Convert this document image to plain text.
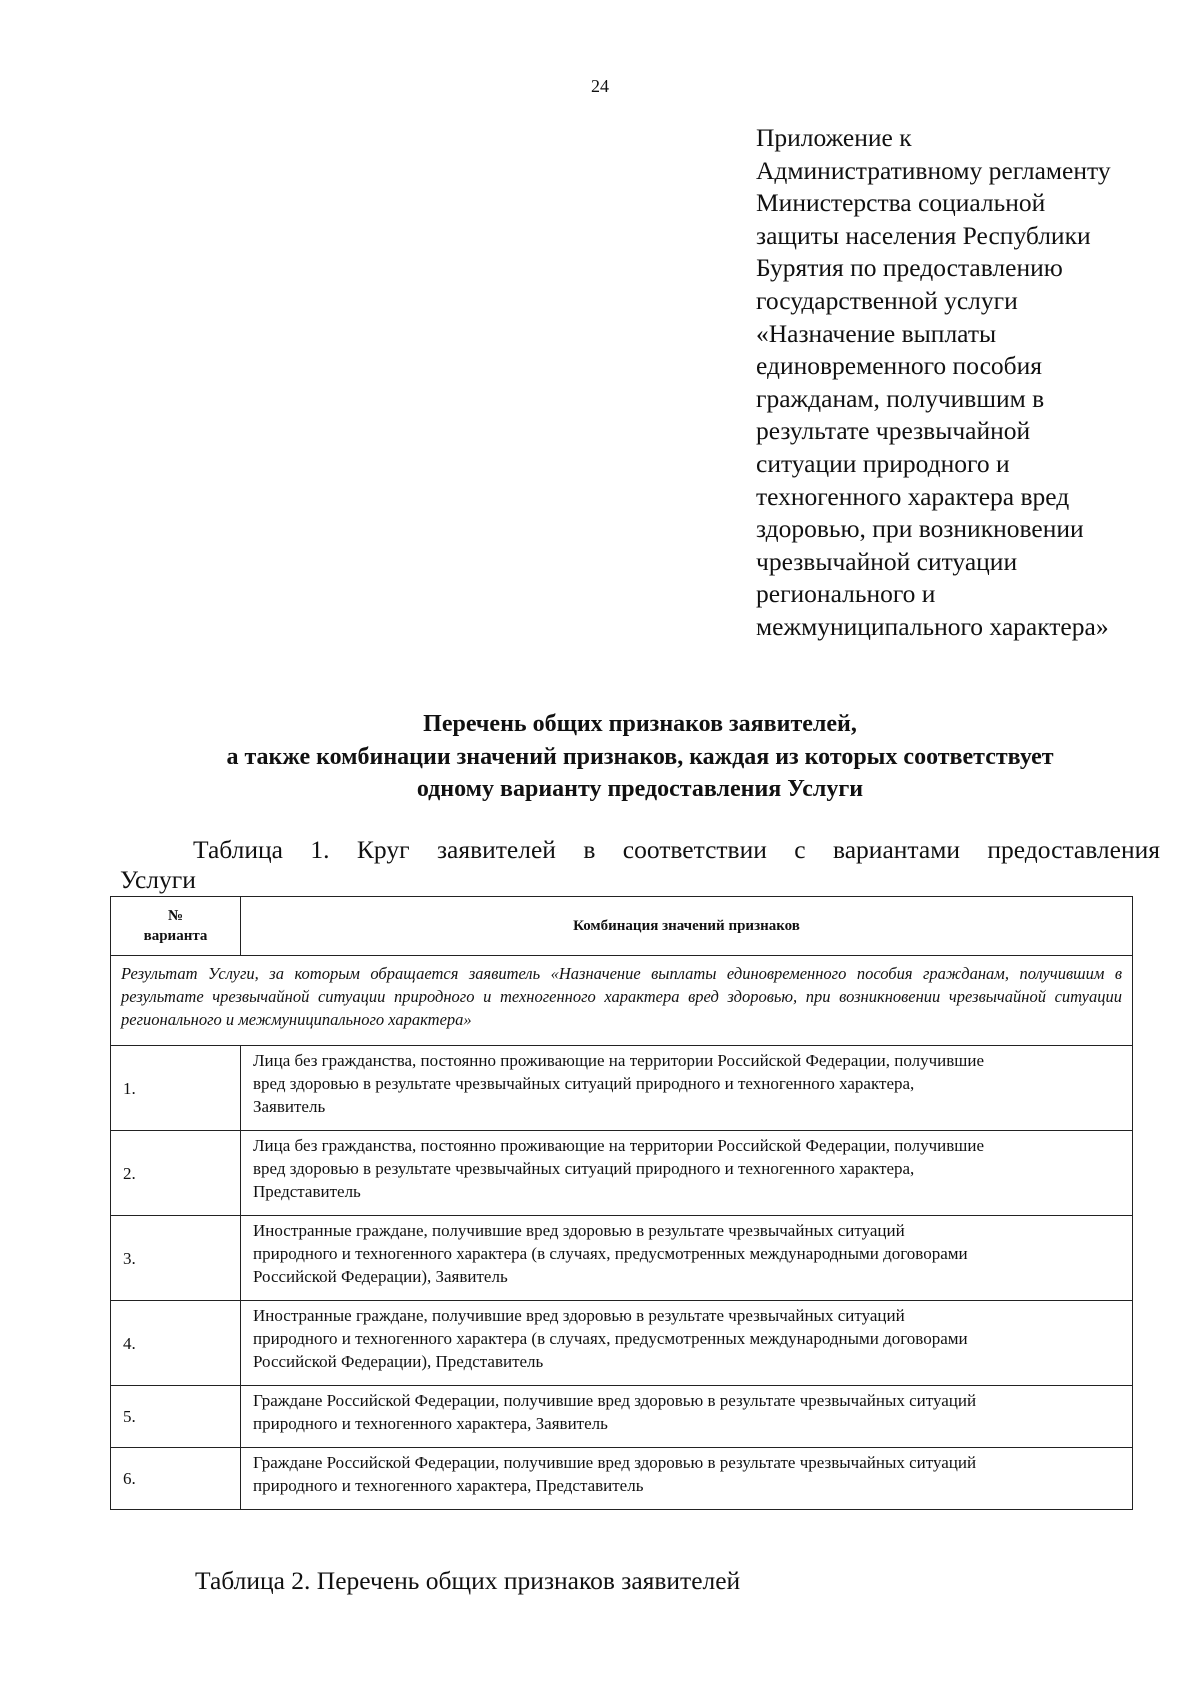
24
Приложение к
Административному регламенту
Министерства социальной
защиты населения Республики
Бурятия по предоставлению
государственной услуги
«Назначение выплаты
единовременного пособия
гражданам, получившим в
результате чрезвычайной
ситуации природного и
техногенного характера вред
здоровью, при возникновении
чрезвычайной ситуации
регионального и
межмуниципального характера»
Перечень общих признаков заявителей,
а также комбинации значений признаков, каждая из которых соответствует
одному варианту предоставления Услуги
Таблица 1. Круг заявителей в соответствии с вариантами предоставления
Услуги
№
варианта	Комбинация значений признаков
Результат Услуги, за которым обращается заявитель «Назначение выплаты единовременного пособия гражданам, получившим в результате чрезвычайной ситуации природного и техногенного характера вред здоровью, при возникновении чрезвычайной ситуации регионального и межмуниципального характера»	
1.	Лица без гражданства, постоянно проживающие на территории Российской Федерации, получившие
вред здоровью в результате чрезвычайных ситуаций природного и техногенного характера,
Заявитель

2.	Лица без гражданства, постоянно проживающие на территории Российской Федерации, получившие
вред здоровью в результате чрезвычайных ситуаций природного и техногенного характера,
Представитель

3.	Иностранные граждане, получившие вред здоровью в результате чрезвычайных ситуаций
природного и техногенного характера (в случаях, предусмотренных международными договорами
Российской Федерации), Заявитель

4.	Иностранные граждане, получившие вред здоровью в результате чрезвычайных ситуаций
природного и техногенного характера (в случаях, предусмотренных международными договорами
Российской Федерации), Представитель

5.	Граждане Российской Федерации, получившие вред здоровью в результате чрезвычайных ситуаций
природного и техногенного характера, Заявитель

6.	Граждане Российской Федерации, получившие вред здоровью в результате чрезвычайных ситуаций
природного и техногенного характера, Представитель
Таблица 2. Перечень общих признаков заявителей
